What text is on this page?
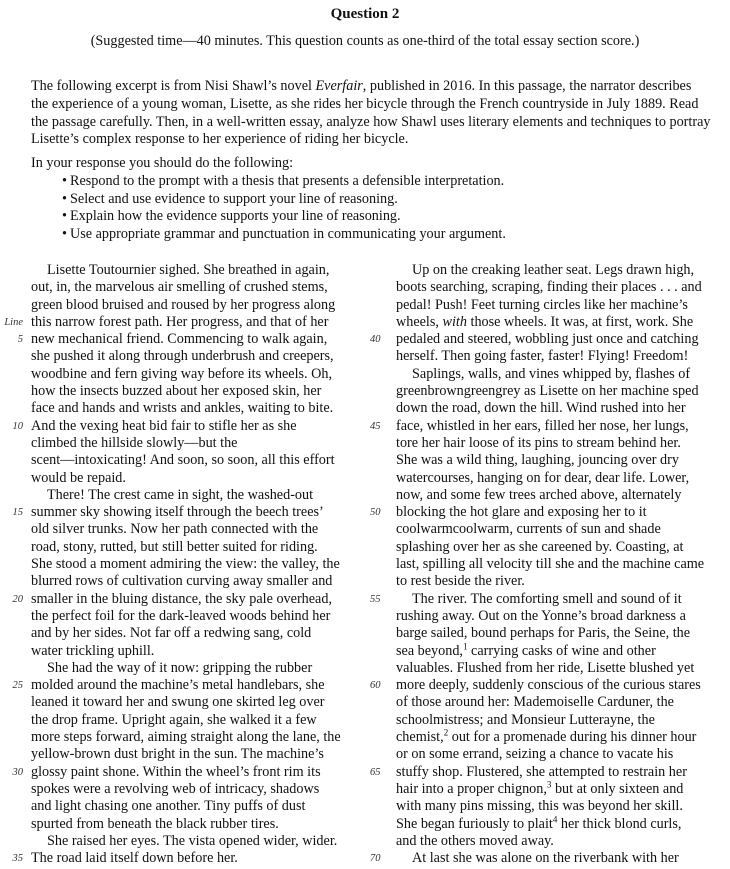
Question 2
(Suggested time—40 minutes. This question counts as one-third of the total essay section score.)

The following excerpt is from Nisi Shawl’s novel Everfair, published in 2016. In this passage, the narrator describes the experience of a young woman, Lisette, as she rides her bicycle through the French countryside in July 1889. Read the passage carefully. Then, in a well-written essay, analyze how Shawl uses literary elements and techniques to portray Lisette’s complex response to her experience of riding her bicycle.

In your response you should do the following:
• Respond to the prompt with a thesis that presents a defensible interpretation.
• Select and use evidence to support your line of reasoning.
• Explain how the evidence supports your line of reasoning.
• Use appropriate grammar and punctuation in communicating your argument.
Lisette Toutournier sighed. She breathed in again,
out, in, the marvelous air smelling of crushed stems,
green blood bruised and roused by her progress along
Line this narrow forest path. Her progress, and that of her
5 new mechanical friend. Commencing to walk again,
she pushed it along through underbrush and creepers,
woodbine and fern giving way before its wheels. Oh,
how the insects buzzed about her exposed skin, her
face and hands and wrists and ankles, waiting to bite.
10 And the vexing heat bid fair to stifle her as she
climbed the hillside slowly—but the
scent—intoxicating! And soon, so soon, all this effort
would be repaid.
There! The crest came in sight, the washed-out
15 summer sky showing itself through the beech trees’
old silver trunks. Now her path connected with the
road, stony, rutted, but still better suited for riding.
She stood a moment admiring the view: the valley, the
blurred rows of cultivation curving away smaller and
20 smaller in the bluing distance, the sky pale overhead,
the perfect foil for the dark-leaved woods behind her
and by her sides. Not far off a redwing sang, cold
water trickling uphill.
She had the way of it now: gripping the rubber
25 molded around the machine’s metal handlebars, she
leaned it toward her and swung one skirted leg over
the drop frame. Upright again, she walked it a few
more steps forward, aiming straight along the lane, the
yellow-brown dust bright in the sun. The machine’s
30 glossy paint shone. Within the wheel’s front rim its
spokes were a revolving web of intricacy, shadows
and light chasing one another. Tiny puffs of dust
spurted from beneath the black rubber tires.
She raised her eyes. The vista opened wider, wider.
35 The road laid itself down before her.
Up on the creaking leather seat. Legs drawn high,
boots searching, scraping, finding their places . . . and
pedal! Push! Feet turning circles like her machine’s
wheels, with those wheels. It was, at first, work. She
40	pedaled and steered, wobbling just once and catching
herself. Then going faster, faster! Flying! Freedom!
Saplings, walls, and vines whipped by, flashes of
greenbrowngreengrey as Lisette on her machine sped
down the road, down the hill. Wind rushed into her
45	face, whistled in her ears, filled her nose, her lungs,
tore her hair loose of its pins to stream behind her.
She was a wild thing, laughing, jouncing over dry
watercourses, hanging on for dear, dear life. Lower,
now, and some few trees arched above, alternately
50	blocking the hot glare and exposing her to it
coolwarmcoolwarm, currents of sun and shade
splashing over her as she careened by. Coasting, at
last, spilling all velocity till she and the machine came
to rest beside the river.
55	The river. The comforting smell and sound of it
rushing away. Out on the Yonne’s broad darkness a
barge sailed, bound perhaps for Paris, the Seine, the
sea beyond,$^1$ carrying casks of wine and other
valuables. Flushed from her ride, Lisette blushed yet
60	more deeply, suddenly conscious of the curious stares
of those around her: Mademoiselle Carduner, the
schoolmistress; and Monsieur Lutterayne, the
chemist,$^2$ out for a promenade during his dinner hour
or on some errand, seizing a chance to vacate his
65	stuffy shop. Flustered, she attempted to restrain her
hair into a proper chignon,$^3$ but at only sixteen and
with many pins missing, this was beyond her skill.
She began furiously to plait$^4$ her thick blond curls,
and the others moved away.
70	At last she was alone on the riverbank with her
